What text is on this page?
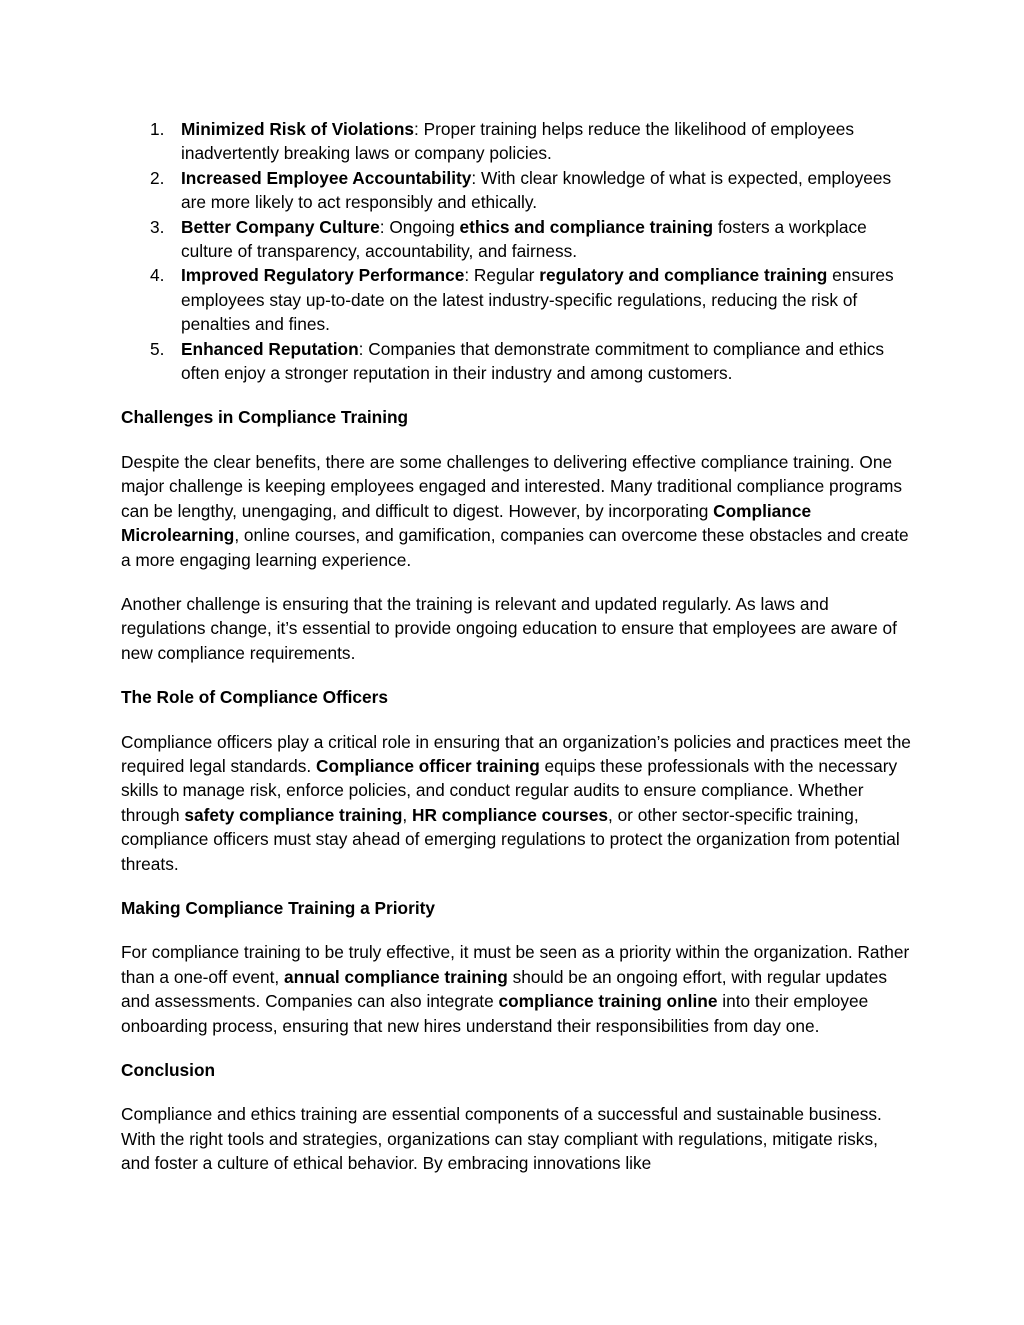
1. Minimized Risk of Violations: Proper training helps reduce the likelihood of employees inadvertently breaking laws or company policies.
2. Increased Employee Accountability: With clear knowledge of what is expected, employees are more likely to act responsibly and ethically.
3. Better Company Culture: Ongoing ethics and compliance training fosters a workplace culture of transparency, accountability, and fairness.
4. Improved Regulatory Performance: Regular regulatory and compliance training ensures employees stay up-to-date on the latest industry-specific regulations, reducing the risk of penalties and fines.
5. Enhanced Reputation: Companies that demonstrate commitment to compliance and ethics often enjoy a stronger reputation in their industry and among customers.
Challenges in Compliance Training

Despite the clear benefits, there are some challenges to delivering effective compliance training. One major challenge is keeping employees engaged and interested. Many traditional compliance programs can be lengthy, unengaging, and difficult to digest. However, by incorporating Compliance Microlearning, online courses, and gamification, companies can overcome these obstacles and create a more engaging learning experience.

Another challenge is ensuring that the training is relevant and updated regularly. As laws and regulations change, it’s essential to provide ongoing education to ensure that employees are aware of new compliance requirements.

The Role of Compliance Officers

Compliance officers play a critical role in ensuring that an organization’s policies and practices meet the required legal standards. Compliance officer training equips these professionals with the necessary skills to manage risk, enforce policies, and conduct regular audits to ensure compliance. Whether through safety compliance training, HR compliance courses, or other sector-specific training, compliance officers must stay ahead of emerging regulations to protect the organization from potential threats.

Making Compliance Training a Priority

For compliance training to be truly effective, it must be seen as a priority within the organization. Rather than a one-off event, annual compliance training should be an ongoing effort, with regular updates and assessments. Companies can also integrate compliance training online into their employee onboarding process, ensuring that new hires understand their responsibilities from day one.

Conclusion

Compliance and ethics training are essential components of a successful and sustainable business. With the right tools and strategies, organizations can stay compliant with regulations, mitigate risks, and foster a culture of ethical behavior. By embracing innovations like
